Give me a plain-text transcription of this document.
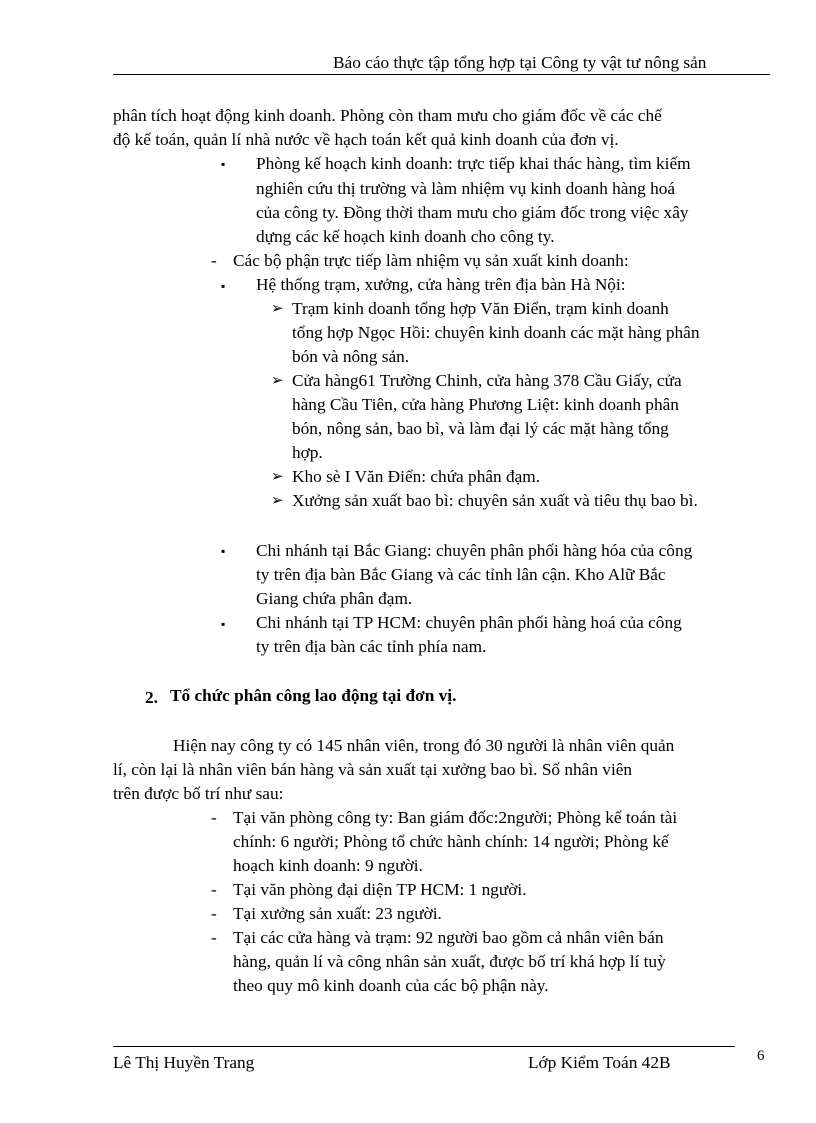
Báo cáo thực tập tổng hợp tại Công ty vật tư nông sản
phân tích hoạt động kinh doanh. Phòng còn tham mưu cho giám đốc về các chế
độ kế toán, quản lí nhà nước về hạch toán kết quả kinh doanh của đơn vị.
▪ Phòng kế hoạch kinh doanh: trực tiếp khai thác hàng, tìm kiếm
nghiên cứu thị trường và làm nhiệm vụ kinh doanh hàng hoá
của công ty. Đồng thời tham mưu cho giám đốc trong việc xây
dựng các kế hoạch kinh doanh cho công ty.
- Các bộ phận trực tiếp làm nhiệm vụ sản xuất kinh doanh:
▪ Hệ thống trạm, xưởng, cửa hàng trên địa bàn Hà Nội:
➢ Trạm kinh doanh tổng hợp Văn Điển, trạm kinh doanh
tổng hợp Ngọc Hồi: chuyên kinh doanh các mặt hàng phân
bón và nông sản.
➢ Cửa hàng61 Trường Chinh, cửa hàng 378 Cầu Giấy, cửa
hàng Cầu Tiên, cửa hàng Phương Liệt: kinh doanh phân
bón, nông sản, bao bì, và làm đại lý các mặt hàng tổng
hợp.
➢ Kho sè I Văn Điển: chứa phân đạm.
➢ Xưởng sản xuất bao bì: chuyên sản xuất và tiêu thụ bao bì.
▪ Chi nhánh tại Bắc Giang: chuyên phân phối hàng hóa của công
ty trên địa bàn Bắc Giang và các tỉnh lân cận. Kho Alữ Bắc
Giang chứa phân đạm.
▪ Chi nhánh tại TP HCM: chuyên phân phối hàng hoá của công
ty trên địa bàn các tỉnh phía nam.
2. Tổ chức phân công lao động tại đơn vị.
Hiện nay công ty có 145 nhân viên, trong đó 30 người là nhân viên quản
lí, còn lại là nhân viên bán hàng và sản xuất tại xưởng bao bì. Số nhân viên
trên được bố trí như sau:
- Tại văn phòng công ty: Ban giám đốc:2người; Phòng kế toán tài
chính: 6 người; Phòng tổ chức hành chính: 14 người; Phòng kế
hoạch kinh doanh: 9 người.
- Tại văn phòng đại diện TP HCM: 1 người.
- Tại xưởng sản xuất: 23 người.
- Tại các cửa hàng và trạm: 92 người bao gồm cả nhân viên bán
hàng, quản lí và công nhân sản xuất, được bố trí khá hợp lí tuỳ
theo quy mô kinh doanh của các bộ phận này.
Lê Thị Huyền Trang	Lớp Kiểm Toán 42B	6
